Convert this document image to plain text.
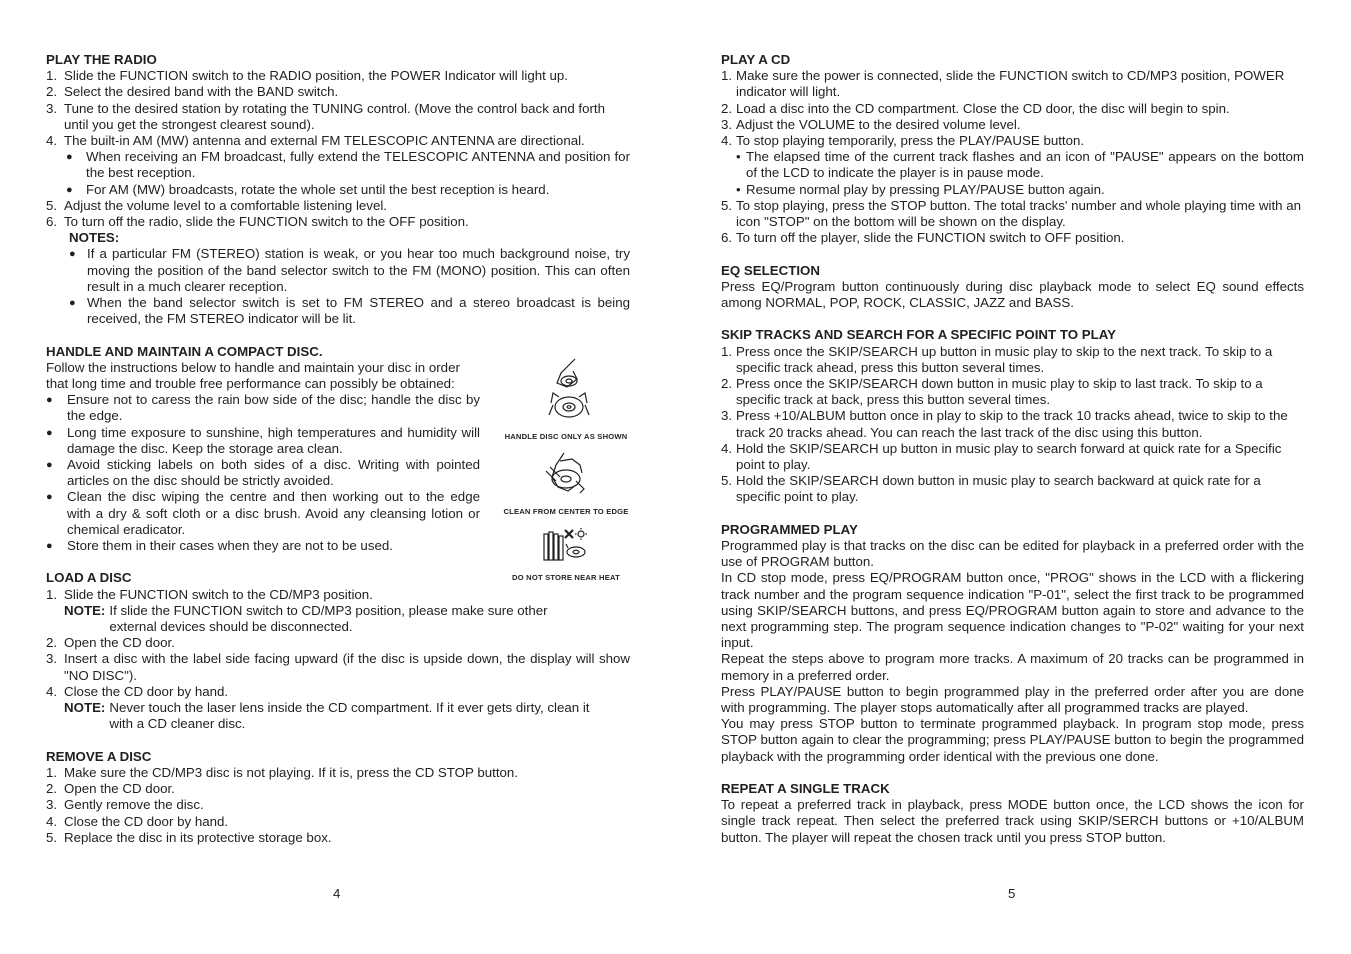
PLAY THE RADIO
1. Slide the FUNCTION switch to the RADIO position, the POWER Indicator will light up.
2. Select the desired band with the BAND switch.
3. Tune to the desired station by rotating the TUNING control. (Move the control back and forth until you get the strongest clearest sound).
4. The built-in AM (MW) antenna and external FM TELESCOPIC ANTENNA are directional.
●	When receiving an FM broadcast, fully extend the TELESCOPIC ANTENNA and position for the best reception.
●	For AM (MW) broadcasts, rotate the whole set until the best reception is heard.
5. Adjust the volume level to a comfortable listening level.
6. To turn off the radio, slide the FUNCTION switch to the OFF position.
NOTES:
● If a particular FM (STEREO) station is weak, or you hear too much background noise, try moving the position of the band selector switch to the FM (MONO) position. This can often result in a much clearer reception.
● When the band selector switch is set to FM STEREO and a stereo broadcast is being received, the FM STEREO indicator will be lit.
HANDLE AND MAINTAIN A COMPACT DISC.
Follow the instructions below to handle and maintain your disc in order that long time and trouble free performance can possibly be obtained:
●	Ensure not to caress the rain bow side of the disc; handle the disc by the edge.
●	Long time exposure to sunshine, high temperatures and humidity will damage the disc. Keep the storage area clean.
●	Avoid sticking labels on both sides of a disc. Writing with pointed articles on the disc should be strictly avoided.
●	Clean the disc wiping the centre and then working out to the edge with a dry & soft cloth or a disc brush. Avoid any cleansing lotion or chemical eradicator.
●	Store them in their cases when they are not to be used.
HANDLE DISC ONLY AS SHOWN
CLEAN FROM CENTER TO EDGE
DO NOT STORE NEAR HEAT
LOAD A DISC
1. Slide the FUNCTION switch to the CD/MP3 position.
NOTE: If slide the FUNCTION switch to CD/MP3 position, please make sure other
external devices should be disconnected.
2. Open the CD door.
3. Insert a disc with the label side facing upward (if the disc is upside down, the display will show "NO DISC").
4. Close the CD door by hand.
NOTE: Never touch the laser lens inside the CD compartment. If it ever gets dirty, clean it
with a CD cleaner disc.
REMOVE A DISC
1. Make sure the CD/MP3 disc is not playing. If it is, press the CD STOP button.
2. Open the CD door.
3. Gently remove the disc.
4. Close the CD door by hand.
5. Replace the disc in its protective storage box.
4
PLAY A CD
1. Make sure the power is connected, slide the FUNCTION switch to CD/MP3 position, POWER indicator will light.
2. Load a disc into the CD compartment. Close the CD door, the disc will begin to spin.
3. Adjust the VOLUME to the desired volume level.
4. To stop playing temporarily, press the PLAY/PAUSE button.
• The elapsed time of the current track flashes and an icon of "PAUSE" appears on the bottom of the LCD to indicate the player is in pause mode.
• Resume normal play by pressing PLAY/PAUSE button again.
5. To stop playing, press the STOP button. The total tracks' number and whole playing time with an icon "STOP" on the bottom will be shown on the display.
6. To turn off the player, slide the FUNCTION switch to OFF position.
EQ SELECTION
Press EQ/Program button continuously during disc playback mode to select EQ sound effects among NORMAL, POP, ROCK, CLASSIC, JAZZ and BASS.
SKIP TRACKS AND SEARCH FOR A SPECIFIC POINT TO PLAY
1. Press once the SKIP/SEARCH up button in music play to skip to the next track. To skip to a specific track ahead, press this button several times.
2. Press once the SKIP/SEARCH down button in music play to skip to last track. To skip to a specific track at back, press this button several times.
3. Press +10/ALBUM button once in play to skip to the track 10 tracks ahead, twice to skip to the track 20 tracks ahead. You can reach the last track of the disc using this button.
4. Hold the SKIP/SEARCH up button in music play to search forward at quick rate for a Specific point to play.
5. Hold the SKIP/SEARCH down button in music play to search backward at quick rate for a specific point to play.
PROGRAMMED PLAY
Programmed play is that tracks on the disc can be edited for playback in a preferred order with the use of PROGRAM button.
In CD stop mode, press EQ/PROGRAM button once, "PROG" shows in the LCD with a flickering track number and the program sequence indication "P-01", select the first track to be programmed using SKIP/SEARCH buttons, and press EQ/PROGRAM button again to store and advance to the next programming step. The program sequence indication changes to "P-02" waiting for your next input.
Repeat the steps above to program more tracks. A maximum of 20 tracks can be programmed in memory in a preferred order.
Press PLAY/PAUSE button to begin programmed play in the preferred order after you are done with programming. The player stops automatically after all programmed tracks are played.
You may press STOP button to terminate programmed playback. In program stop mode, press STOP button again to clear the programming; press PLAY/PAUSE button to begin the programmed playback with the programming order identical with the previous one done.
REPEAT A SINGLE TRACK
To repeat a preferred track in playback, press MODE button once, the LCD shows the icon for single track repeat. Then select the preferred track using SKIP/SERCH buttons or +10/ALBUM button. The player will repeat the chosen track until you press STOP button.
5
